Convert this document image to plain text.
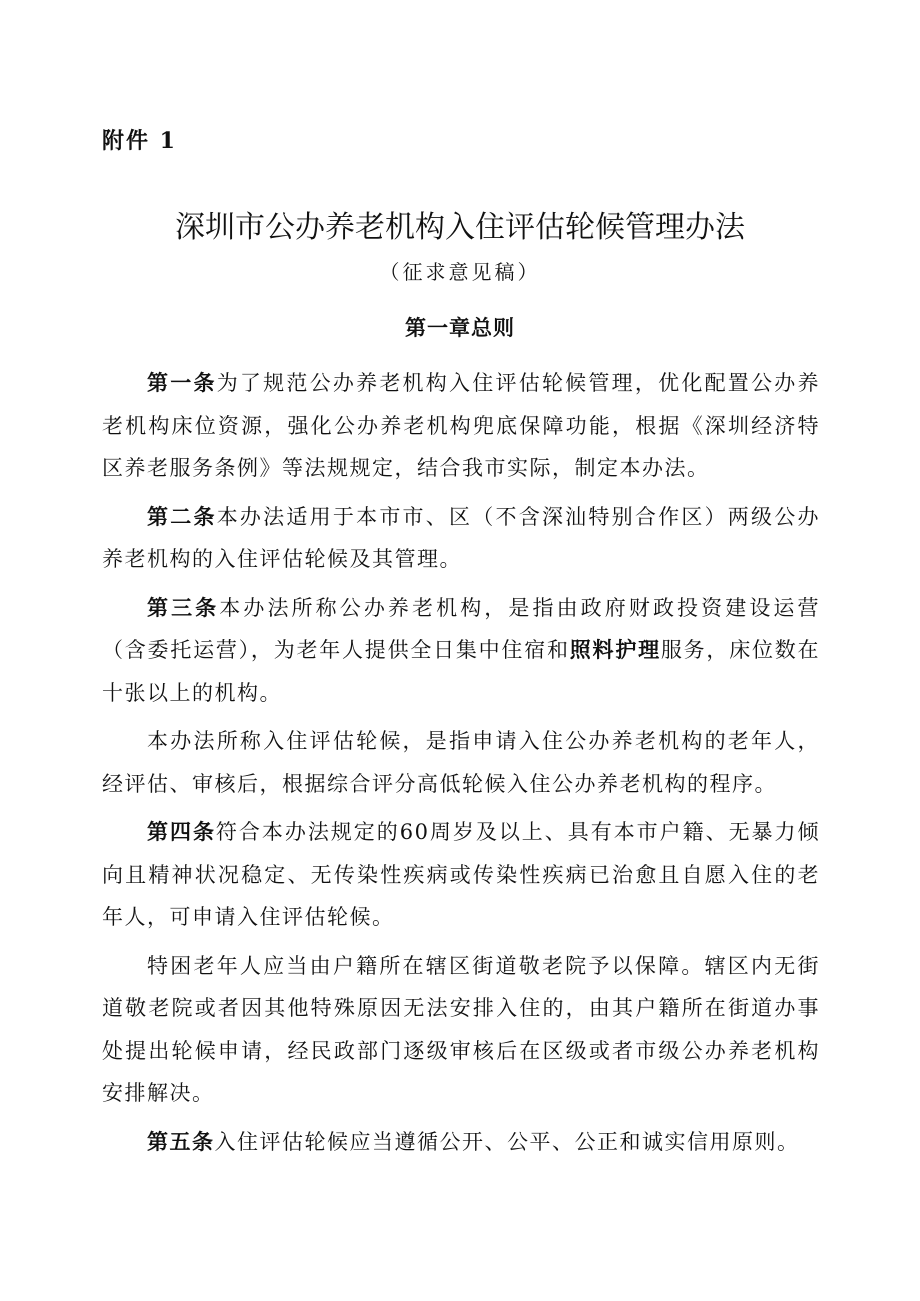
附件 1
深圳市公办养老机构入住评估轮候管理办法
（征求意见稿）
第一章总则

第一条为了规范公办养老机构入住评估轮候管理，优化配置公办养老机构床位资源，强化公办养老机构兜底保障功能，根据《深圳经济特区养老服务条例》等法规规定，结合我市实际，制定本办法。

第二条本办法适用于本市市、区（不含深汕特别合作区）两级公办养老机构的入住评估轮候及其管理。

第三条本办法所称公办养老机构，是指由政府财政投资建设运营（含委托运营），为老年人提供全日集中住宿和照料护理服务，床位数在十张以上的机构。

本办法所称入住评估轮候，是指申请入住公办养老机构的老年人，经评估、审核后，根据综合评分高低轮候入住公办养老机构的程序。

第四条符合本办法规定的60周岁及以上、具有本市户籍、无暴力倾向且精神状况稳定、无传染性疾病或传染性疾病已治愈且自愿入住的老年人，可申请入住评估轮候。

特困老年人应当由户籍所在辖区街道敬老院予以保障。辖区内无街道敬老院或者因其他特殊原因无法安排入住的，由其户籍所在街道办事处提出轮候申请，经民政部门逐级审核后在区级或者市级公办养老机构安排解决。

第五条入住评估轮候应当遵循公开、公平、公正和诚实信用原则。
